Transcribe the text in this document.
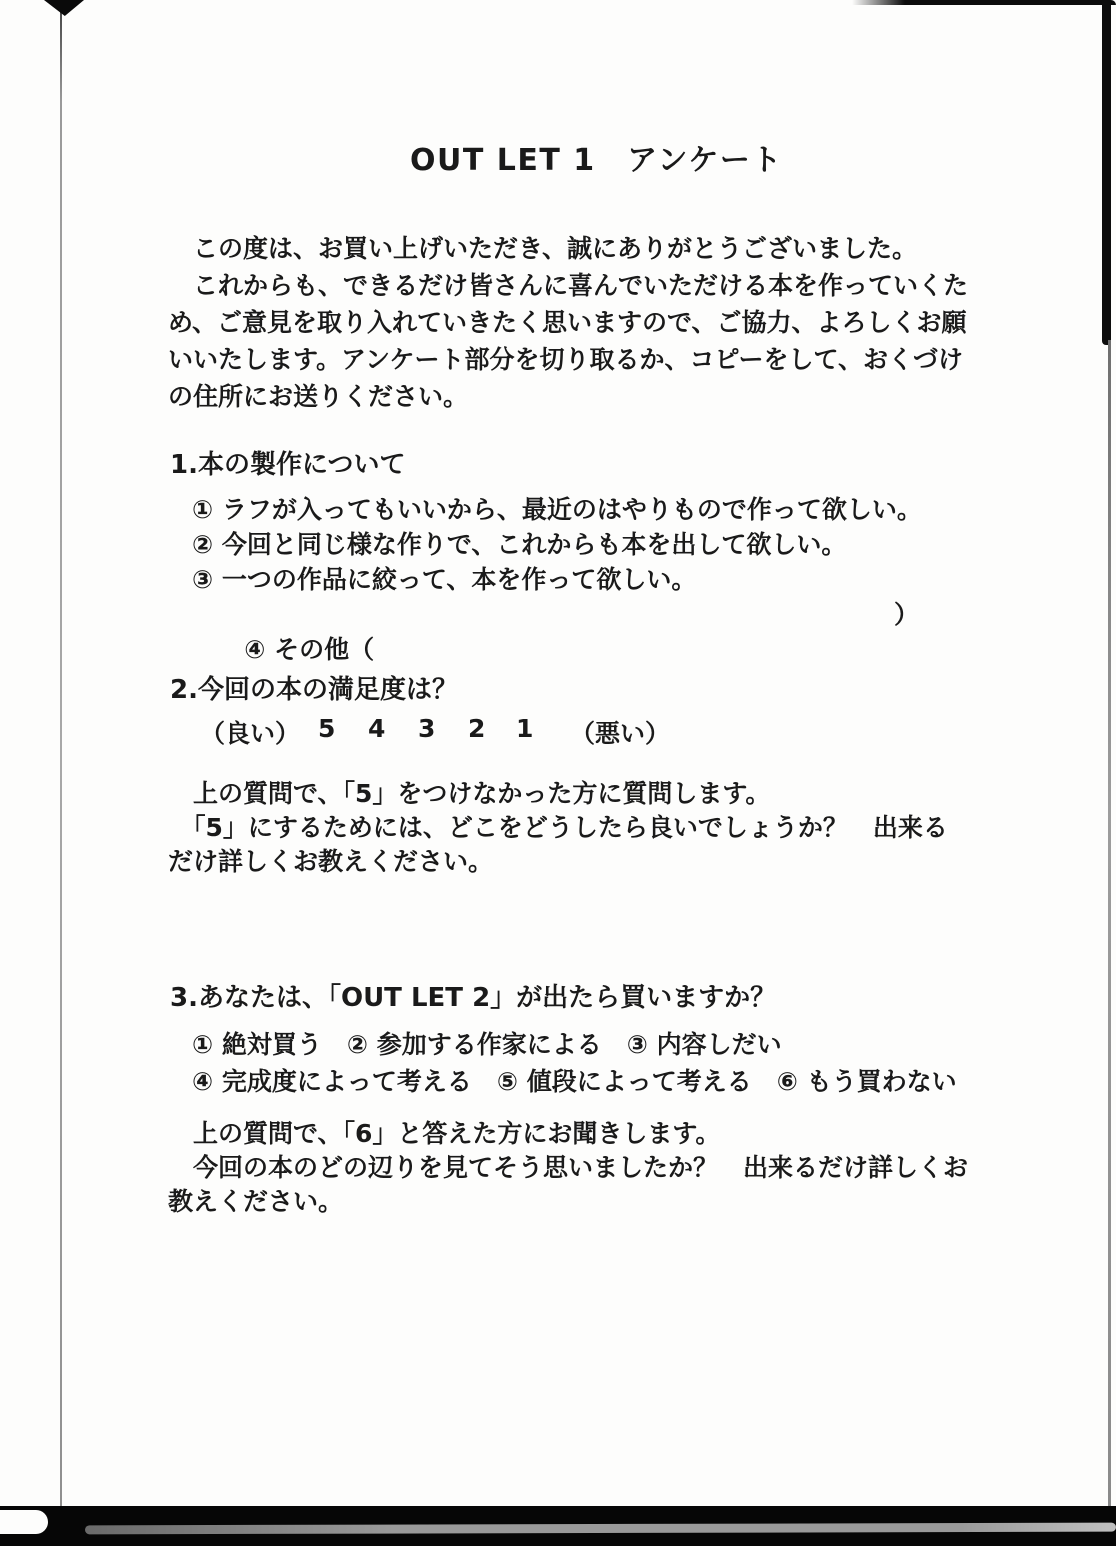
OUT LET 1　アンケート
　この度は、お買い上げいただき、誠にありがとうございました。
　これからも、できるだけ皆さんに喜んでいただける本を作っていくた
め、ご意見を取り入れていきたく思いますので、ご協力、よろしくお願
いいたします。アンケート部分を切り取るか、コピーをして、おくづけ
の住所にお送りください。
1.本の製作について
① ラフが入ってもいいから、最近のはやりもので作って欲しい。
② 今回と同じ様な作りで、これからも本を出して欲しい。
③ 一つの作品に絞って、本を作って欲しい。

④ その他（

）

2.今回の本の満足度は？
（良い） 5 4 3 2 1 （悪い）
　上の質問で、「5」をつけなかった方に質問します。
　「5」にするためには、どこをどうしたら良いでしょうか？　出来る
だけ詳しくお教えください。
3.あなたは、「OUT LET 2」が出たら買いますか？
① 絶対買う　② 参加する作家による　③ 内容しだい
④ 完成度によって考える　⑤ 値段によって考える　⑥ もう買わない
　上の質問で、「6」と答えた方にお聞きします。
　今回の本のどの辺りを見てそう思いましたか？　出来るだけ詳しくお
教えください。
